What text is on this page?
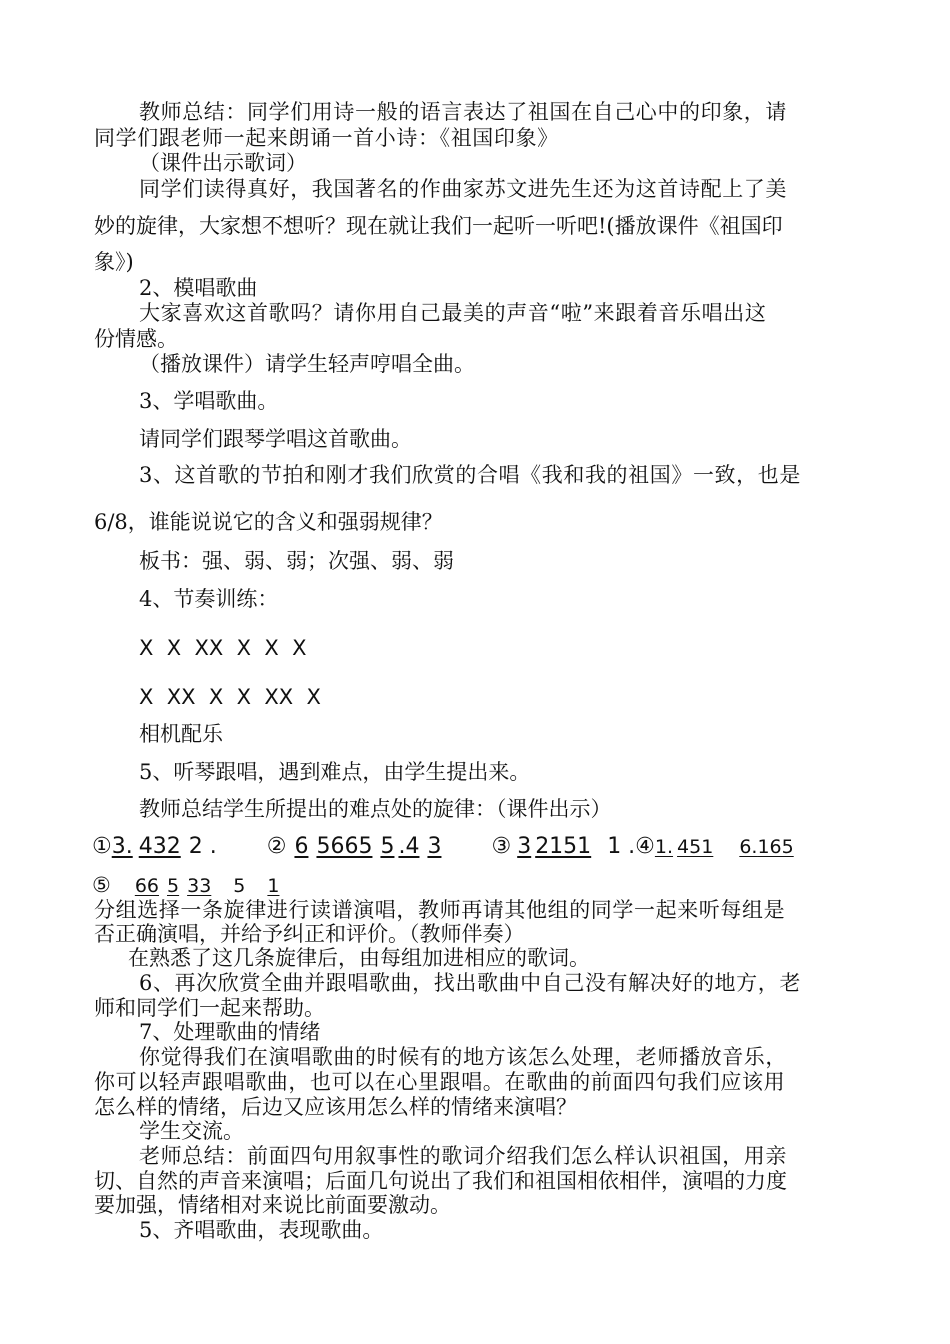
教师总结：同学们用诗一般的语言表达了祖国在自己心中的印象，请
同学们跟老师一起来朗诵一首小诗：《祖国印象》
（课件出示歌词）
同学们读得真好，我国著名的作曲家苏文进先生还为这首诗配上了美
妙的旋律，大家想不想听？现在就让我们一起听一听吧!(播放课件《祖国印
象》)
2、模唱歌曲
大家喜欢这首歌吗？请你用自己最美的声音“啦”来跟着音乐唱出这
份情感。
（播放课件）请学生轻声哼唱全曲。
3、学唱歌曲。
请同学们跟琴学唱这首歌曲。
3、这首歌的节拍和刚才我们欣赏的合唱《我和我的祖国》一致，也是
6/8，谁能说说它的含义和强弱规律？
板书：强、弱、弱；次强、弱、弱
4、节奏训练：
X  X  XX  X  X  X
X  XX  X  X  XX  X
相机配乐
5、听琴跟唱，遇到难点，由学生提出来。
教师总结学生所提出的难点处的旋律：（课件出示）
①3. 432 2 . ② 6 5665 5 .4 3 ③ 3 2151 1 .④1. 451 6.165
⑤ 66 5 33 5 1
分组选择一条旋律进行读谱演唱，教师再请其他组的同学一起来听每组是
否正确演唱，并给予纠正和评价。（教师伴奏）
在熟悉了这几条旋律后，由每组加进相应的歌词。
6、再次欣赏全曲并跟唱歌曲，找出歌曲中自己没有解决好的地方，老
师和同学们一起来帮助。
7、处理歌曲的情绪
你觉得我们在演唱歌曲的时候有的地方该怎么处理，老师播放音乐，
你可以轻声跟唱歌曲，也可以在心里跟唱。在歌曲的前面四句我们应该用
怎么样的情绪，后边又应该用怎么样的情绪来演唱？
学生交流。
老师总结：前面四句用叙事性的歌词介绍我们怎么样认识祖国，用亲
切、自然的声音来演唱；后面几句说出了我们和祖国相依相伴，演唱的力度
要加强，情绪相对来说比前面要激动。
5、齐唱歌曲，表现歌曲。
